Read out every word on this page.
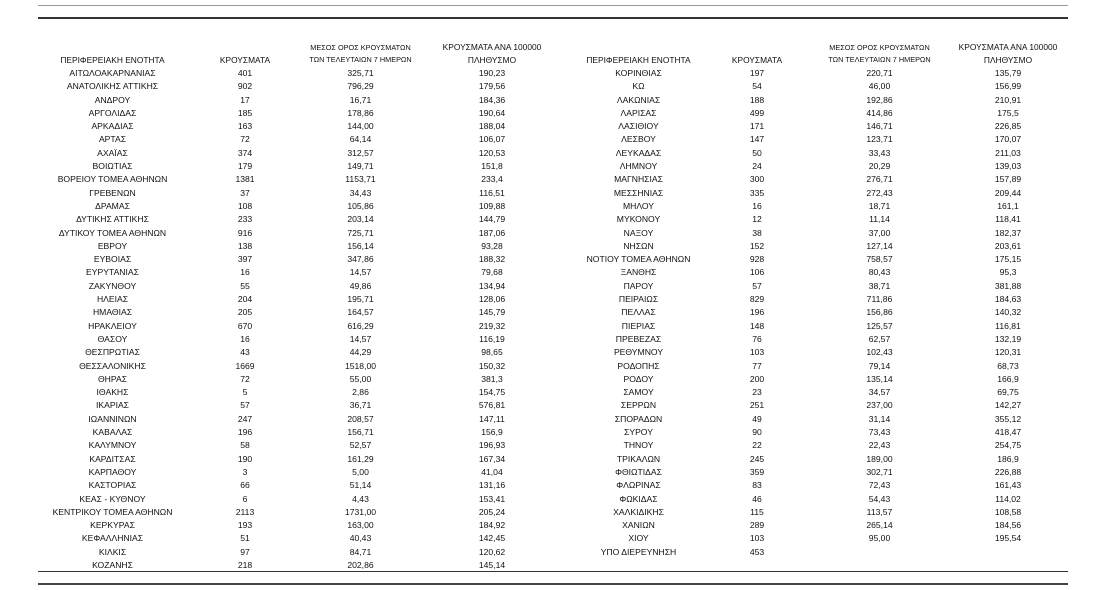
ΠΕΡΙΦΕΡΕΙΑΚΗ ΕΝΟΤΗΤΑ	ΚΡΟΥΣΜΑΤΑ
ΜΕΣΟΣ ΟΡΟΣ ΚΡΟΥΣΜΑΤΩΝ
ΤΩΝ ΤΕΛΕΥΤΑΙΩΝ 7 ΗΜΕΡΩΝ
ΚΡΟΥΣΜΑΤΑ ΑΝΑ 100000
ΠΛΗΘΥΣΜΟ
ΑΙΤΩΛΟΑΚΑΡΝΑΝΙΑΣ	401	325,71	190,23
ΑΝΑΤΟΛΙΚΗΣ ΑΤΤΙΚΗΣ	902	796,29	179,56
ΑΝΔΡΟΥ	17	16,71	184,36
ΑΡΓΟΛΙΔΑΣ	185	178,86	190,64
ΑΡΚΑΔΙΑΣ	163	144,00	188,04
ΑΡΤΑΣ	72	64,14	106,07
ΑΧΑΪΑΣ	374	312,57	120,53
ΒΟΙΩΤΙΑΣ	179	149,71	151,8
ΒΟΡΕΙΟΥ ΤΟΜΕΑ ΑΘΗΝΩΝ	1381	1153,71	233,4
ΓΡΕΒΕΝΩΝ	37	34,43	116,51
ΔΡΑΜΑΣ	108	105,86	109,88
ΔΥΤΙΚΗΣ ΑΤΤΙΚΗΣ	233	203,14	144,79
ΔΥΤΙΚΟΥ ΤΟΜΕΑ ΑΘΗΝΩΝ	916	725,71	187,06
ΕΒΡΟΥ	138	156,14	93,28
ΕΥΒΟΙΑΣ	397	347,86	188,32
ΕΥΡΥΤΑΝΙΑΣ	16	14,57	79,68
ΖΑΚΥΝΘΟΥ	55	49,86	134,94
ΗΛΕΙΑΣ	204	195,71	128,06
ΗΜΑΘΙΑΣ	205	164,57	145,79
ΗΡΑΚΛΕΙΟΥ	670	616,29	219,32
ΘΑΣΟΥ	16	14,57	116,19
ΘΕΣΠΡΩΤΙΑΣ	43	44,29	98,65
ΘΕΣΣΑΛΟΝΙΚΗΣ	1669	1518,00	150,32
ΘΗΡΑΣ	72	55,00	381,3
ΙΘΑΚΗΣ	5	2,86	154,75
ΙΚΑΡΙΑΣ	57	36,71	576,81
ΙΩΑΝΝΙΝΩΝ	247	208,57	147,11
ΚΑΒΑΛΑΣ	196	156,71	156,9
ΚΑΛΥΜΝΟΥ	58	52,57	196,93
ΚΑΡΔΙΤΣΑΣ	190	161,29	167,34
ΚΑΡΠΑΘΟΥ	3	5,00	41,04
ΚΑΣΤΟΡΙΑΣ	66	51,14	131,16
ΚΕΑΣ - ΚΥΘΝΟΥ	6	4,43	153,41
ΚΕΝΤΡΙΚΟΥ ΤΟΜΕΑ ΑΘΗΝΩΝ	2113	1731,00	205,24
ΚΕΡΚΥΡΑΣ	193	163,00	184,92
ΚΕΦΑΛΛΗΝΙΑΣ	51	40,43	142,45
ΚΙΛΚΙΣ	97	84,71	120,62
ΚΟΖΑΝΗΣ	218	202,86	145,14
ΠΕΡΙΦΕΡΕΙΑΚΗ ΕΝΟΤΗΤΑ	ΚΡΟΥΣΜΑΤΑ
ΜΕΣΟΣ ΟΡΟΣ ΚΡΟΥΣΜΑΤΩΝ
ΤΩΝ ΤΕΛΕΥΤΑΙΩΝ 7 ΗΜΕΡΩΝ
ΚΡΟΥΣΜΑΤΑ ΑΝΑ 100000
ΠΛΗΘΥΣΜΟ
ΚΟΡΙΝΘΙΑΣ	197	220,71	135,79
ΚΩ	54	46,00	156,99
ΛΑΚΩΝΙΑΣ	188	192,86	210,91
ΛΑΡΙΣΑΣ	499	414,86	175,5
ΛΑΣΙΘΙΟΥ	171	146,71	226,85
ΛΕΣΒΟΥ	147	123,71	170,07
ΛΕΥΚΑΔΑΣ	50	33,43	211,03
ΛΗΜΝΟΥ	24	20,29	139,03
ΜΑΓΝΗΣΙΑΣ	300	276,71	157,89
ΜΕΣΣΗΝΙΑΣ	335	272,43	209,44
ΜΗΛΟΥ	16	18,71	161,1
ΜΥΚΟΝΟΥ	12	11,14	118,41
ΝΑΞΟΥ	38	37,00	182,37
ΝΗΣΩΝ	152	127,14	203,61
ΝΟΤΙΟΥ ΤΟΜΕΑ ΑΘΗΝΩΝ	928	758,57	175,15
ΞΑΝΘΗΣ	106	80,43	95,3
ΠΑΡΟΥ	57	38,71	381,88
ΠΕΙΡΑΙΩΣ	829	711,86	184,63
ΠΕΛΛΑΣ	196	156,86	140,32
ΠΙΕΡΙΑΣ	148	125,57	116,81
ΠΡΕΒΕΖΑΣ	76	62,57	132,19
ΡΕΘΥΜΝΟΥ	103	102,43	120,31
ΡΟΔΟΠΗΣ	77	79,14	68,73
ΡΟΔΟΥ	200	135,14	166,9
ΣΑΜΟΥ	23	34,57	69,75
ΣΕΡΡΩΝ	251	237,00	142,27
ΣΠΟΡΑΔΩΝ	49	31,14	355,12
ΣΥΡΟΥ	90	73,43	418,47
ΤΗΝΟΥ	22	22,43	254,75
ΤΡΙΚΑΛΩΝ	245	189,00	186,9
ΦΘΙΩΤΙΔΑΣ	359	302,71	226,88
ΦΛΩΡΙΝΑΣ	83	72,43	161,43
ΦΩΚΙΔΑΣ	46	54,43	114,02
ΧΑΛΚΙΔΙΚΗΣ	115	113,57	108,58
ΧΑΝΙΩΝ	289	265,14	184,56
ΧΙΟΥ	103	95,00	195,54
ΥΠΟ ΔΙΕΡΕΥΝΗΣΗ	453
